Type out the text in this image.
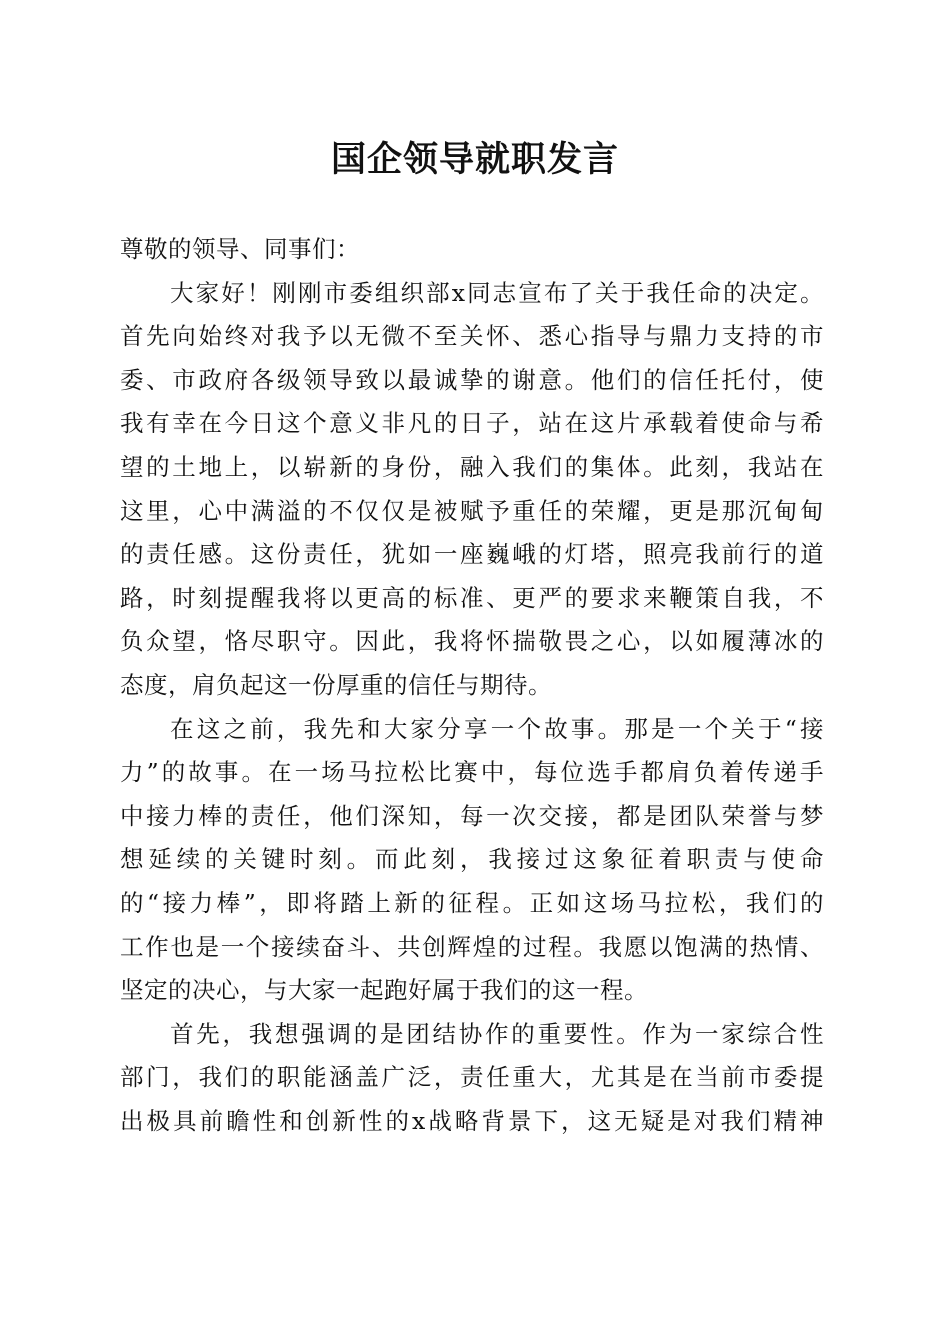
国企领导就职发言
尊敬的领导、同事们：
大家好！刚刚市委组织部x同志宣布了关于我任命的决定。
首先向始终对我予以无微不至关怀、悉心指导与鼎力支持的市
委、市政府各级领导致以最诚挚的谢意。他们的信任托付，使
我有幸在今日这个意义非凡的日子，站在这片承载着使命与希
望的土地上，以崭新的身份，融入我们的集体。此刻，我站在
这里，心中满溢的不仅仅是被赋予重任的荣耀，更是那沉甸甸
的责任感。这份责任，犹如一座巍峨的灯塔，照亮我前行的道
路，时刻提醒我将以更高的标准、更严的要求来鞭策自我，不
负众望，恪尽职守。因此，我将怀揣敬畏之心，以如履薄冰的
态度，肩负起这一份厚重的信任与期待。
在这之前，我先和大家分享一个故事。那是一个关于“接
力”的故事。在一场马拉松比赛中，每位选手都肩负着传递手
中接力棒的责任，他们深知，每一次交接，都是团队荣誉与梦
想延续的关键时刻。而此刻，我接过这象征着职责与使命
的“接力棒”，即将踏上新的征程。正如这场马拉松，我们的
工作也是一个接续奋斗、共创辉煌的过程。我愿以饱满的热情、
坚定的决心，与大家一起跑好属于我们的这一程。
首先，我想强调的是团结协作的重要性。作为一家综合性
部门，我们的职能涵盖广泛，责任重大，尤其是在当前市委提
出极具前瞻性和创新性的x战略背景下，这无疑是对我们精神
